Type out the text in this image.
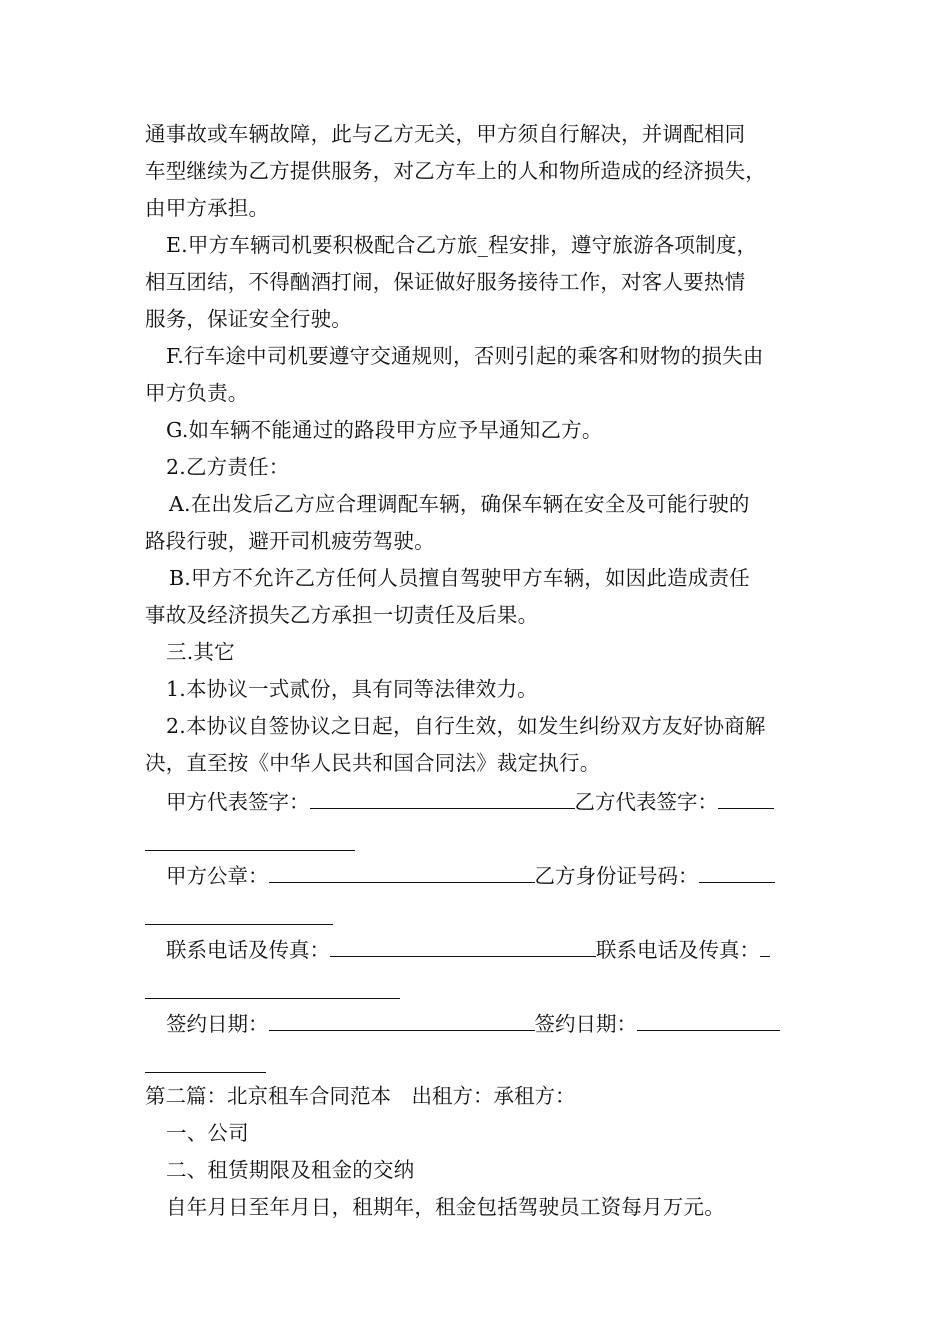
通事故或车辆故障，此与乙方无关，甲方须自行解决，并调配相同
车型继续为乙方提供服务，对乙方车上的人和物所造成的经济损失，
由甲方承担。
E.甲方车辆司机要积极配合乙方旅_程安排，遵守旅游各项制度，
相互团结，不得酗酒打闹，保证做好服务接待工作，对客人要热情
服务，保证安全行驶。
F.行车途中司机要遵守交通规则，否则引起的乘客和财物的损失由
甲方负责。
G.如车辆不能通过的路段甲方应予早通知乙方。
2.乙方责任：
A.在出发后乙方应合理调配车辆，确保车辆在安全及可能行驶的
路段行驶，避开司机疲劳驾驶。
B.甲方不允许乙方任何人员擅自驾驶甲方车辆，如因此造成责任
事故及经济损失乙方承担一切责任及后果。
三.其它
1.本协议一式贰份，具有同等法律效力。
2.本协议自签协议之日起，自行生效，如发生纠纷双方友好协商解
决，直至按《中华人民共和国合同法》裁定执行。
甲方代表签字：	乙方代表签字：
甲方公章：	乙方身份证号码：
联系电话及传真：	联系电话及传真：
签约日期：	签约日期：
第二篇：北京租车合同范本　出租方：承租方：
一、公司
二、租赁期限及租金的交纳
自年月日至年月日，租期年，租金包括驾驶员工资每月万元。
